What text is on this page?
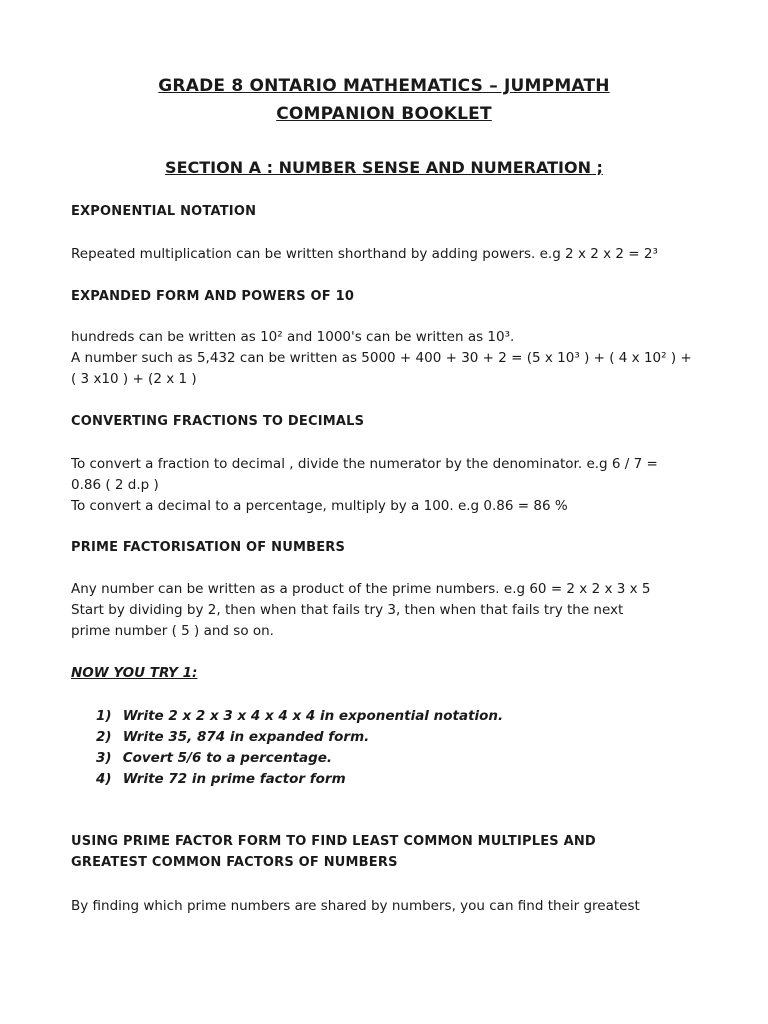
GRADE 8 ONTARIO MATHEMATICS – JUMPMATH
COMPANION BOOKLET
SECTION A : NUMBER SENSE AND NUMERATION ;
EXPONENTIAL NOTATION
Repeated multiplication can be written shorthand by adding powers. e.g 2 x 2 x 2 = 2³
EXPANDED FORM AND POWERS OF 10
hundreds can be written as 10² and 1000's can be written as 10³.
A number such as 5,432 can be written as 5000 + 400 + 30 + 2 = (5 x 10³ ) + ( 4 x 10² ) +
( 3 x10 ) + (2 x 1 )
CONVERTING FRACTIONS TO DECIMALS
To convert a fraction to decimal , divide the numerator by the denominator. e.g 6 / 7 =
0.86 ( 2 d.p )
To convert a decimal to a percentage, multiply by a 100. e.g 0.86 = 86 %
PRIME FACTORISATION OF NUMBERS
Any number can be written as a product of the prime numbers. e.g 60 = 2 x 2 x 3 x 5
Start by dividing by 2, then when that fails try 3, then when that fails try the next
prime number ( 5 ) and so on.
NOW YOU TRY 1:
1) Write 2 x 2 x 3 x 4 x 4 x 4 in exponential notation.
2) Write 35, 874 in expanded form.
3) Covert 5/6 to a percentage.
4) Write 72 in prime factor form
USING PRIME FACTOR FORM TO FIND LEAST COMMON MULTIPLES AND
GREATEST COMMON FACTORS OF NUMBERS
By finding which prime numbers are shared by numbers, you can find their greatest
